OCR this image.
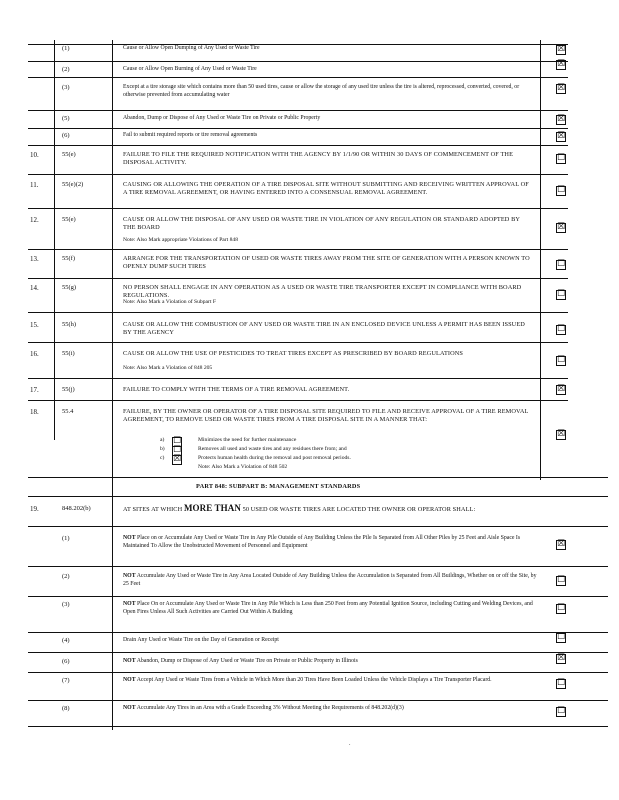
(1)	Cause or Allow Open Dumping of Any Used or Waste Tire	☒
(2)	Cause or Allow Open Burning of Any Used or Waste Tire	☒
(3)	Except at a tire storage site which contains more than 50 used tires, cause or allow the storage of any used tire unless the tire is altered, reprocessed, converted, covered, or otherwise prevented from accumulating water
☒
(5)	Abandon, Dump or Dispose of Any Used or Waste Tire on Private or Public Property	☒
(6)	Fail to submit required reports or tire removal agreements	☒
10.	55(e)	FAILURE TO FILE THE REQUIRED NOTIFICATION WITH THE AGENCY BY 1/1/90 OR WITHIN 30 DAYS OF COMMENCEMENT OF THE DISPOSAL ACTIVITY.	☐
11.	55(e)(2)	CAUSING OR ALLOWING THE OPERATION OF A TIRE DISPOSAL SITE WITHOUT SUBMITTING AND RECEIVING WRITTEN APPROVAL OF A TIRE REMOVAL AGREEMENT, OR HAVING ENTERED INTO A CONSENSUAL REMOVAL AGREEMENT.	☐
12.	55(e)	CAUSE OR ALLOW THE DISPOSAL OF ANY USED OR WASTE TIRE IN VIOLATION OF ANY REGULATION OR STANDARD ADOPTED BY THE BOARD
Note: Also Mark appropriate Violations of Part 848
☒
13.	55(f)	ARRANGE FOR THE TRANSPORTATION OF USED OR WASTE TIRES AWAY FROM THE SITE OF GENERATION WITH A PERSON KNOWN TO OPENLY DUMP SUCH TIRES	☐
14.	55(g)	NO PERSON SHALL ENGAGE IN ANY OPERATION AS A USED OR WASTE TIRE TRANSPORTER EXCEPT IN COMPLIANCE WITH BOARD REGULATIONS.
Note: Also Mark a Violation of Subpart F
☐
15.	55(h)	CAUSE OR ALLOW THE COMBUSTION OF ANY USED OR WASTE TIRE IN AN ENCLOSED DEVICE UNLESS A PERMIT HAS BEEN ISSUED BY THE AGENCY	☐
16.	55(i)	CAUSE OR ALLOW THE USE OF PESTICIDES TO TREAT TIRES EXCEPT AS PRESCRIBED BY BOARD REGULATIONS
Note: Also Mark a Violation of 848 205
☐
17.	55(j)	FAILURE TO COMPLY WITH THE TERMS OF A TIRE REMOVAL AGREEMENT.	☒
18.	55.4	FAILURE, BY THE OWNER OR OPERATOR OF A TIRE DISPOSAL SITE REQUIRED TO FILE AND RECEIVE APPROVAL OF A TIRE REMOVAL AGREEMENT, TO REMOVE USED OR WASTE TIRES FROM A TIRE DISPOSAL SITE IN A MANNER THAT:
☒
a) ☐	Minimizes the need for further maintenance
b) ☐	Removes all used and waste tires and any residues there from; and
c) ☒	Protects human health during the removal and post removal periods.
Note: Also Mark a Violation of 848 502
PART 848: SUBPART B: MANAGEMENT STANDARDS
19.	848.202(b)	AT SITES AT WHICH MORE THAN 50 USED OR WASTE TIRES ARE LOCATED THE OWNER OR OPERATOR SHALL:
(1)	NOT Place on or Accumulate Any Used or Waste Tire in Any Pile Outside of Any Building Unless the Pile Is Separated from All Other Piles by 25 Feet and Aisle Space Is Maintained To Allow the Unobstructed Movement of Personnel and Equipment	☒
(2)	NOT Accumulate Any Used or Waste Tire in Any Area Located Outside of Any Building Unless the Accumulation is Separated from All Buildings, Whether on or off the Site, by 25 Feet	☐
(3)	NOT Place On or Accumulate Any Used or Waste Tire in Any Pile Which is Less than 250 Feet from any Potential Ignition Source, including Cutting and Welding Devices, and Open Fires Unless All Such Activities are Carried Out Within A Building	☐
(4)	Drain Any Used or Waste Tire on the Day of Generation or Receipt	☐
(6)	NOT Abandon, Dump or Dispose of Any Used or Waste Tire on Private or Public Property in Illinois	☒
(7)	NOT Accept Any Used or Waste Tires from a Vehicle in Which More than 20 Tires Have Been Loaded Unless the Vehicle Displays a Tire Transporter Placard.	☐
(8)	NOT Accumulate Any Tires in an Area with a Grade Exceeding 3% Without Meeting the Requirements of 848.202(d)(3)	☐
.
